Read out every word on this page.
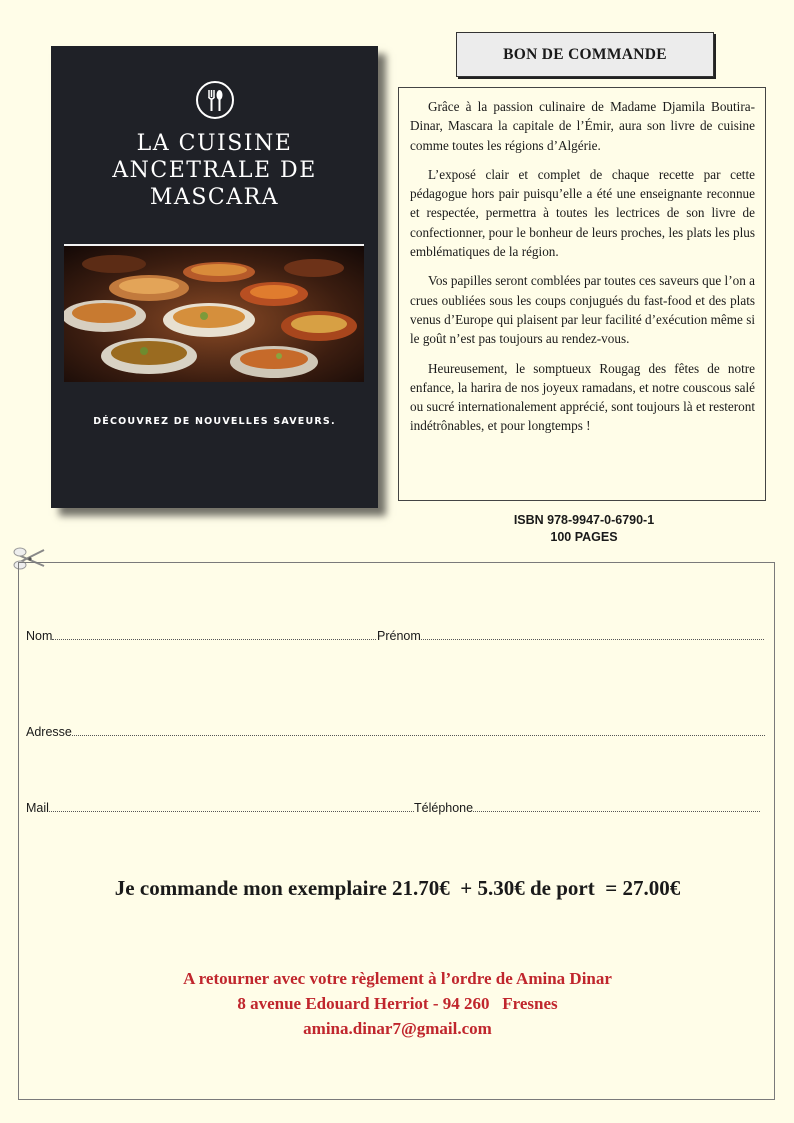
LA CUISINE
ANCETRALE DE
MASCARA
DÉCOUVREZ DE NOUVELLES SAVEURS.
BON DE COMMANDE

Grâce à la passion culinaire de Madame Djamila Boutira-Dinar, Mascara la capitale de l’Émir, aura son livre de cuisine comme toutes les régions d’Algérie.

L’exposé clair et complet de chaque recette par cette pédagogue hors pair puisqu’elle a été une enseignante reconnue et respectée, permettra à toutes les lectrices de son livre de confectionner, pour le bonheur de leurs proches, les plats les plus emblématiques de la région.

Vos papilles seront comblées par toutes ces saveurs que l’on a crues oubliées sous les coups conjugués du fast-food et des plats venus d’Europe qui plaisent par leur facilité d’exécution même si le goût n’est pas toujours au rendez-vous.

Heureusement, le somptueux Rougag des fêtes de notre enfance, la harira de nos joyeux ramadans, et notre couscous salé ou sucré internationalement apprécié, sont toujours là et resteront indétrônables, et pour longtemps !

ISBN 978-9947-0-6790-1
100 PAGES
Nom	Prénom
Adresse
Mail	Téléphone
Je commande mon exemplaire 21.70€  + 5.30€ de port  = 27.00€
A retourner avec votre règlement à l’ordre de Amina Dinar
8 avenue Edouard Herriot - 94 260   Fresnes
amina.dinar7@gmail.com
